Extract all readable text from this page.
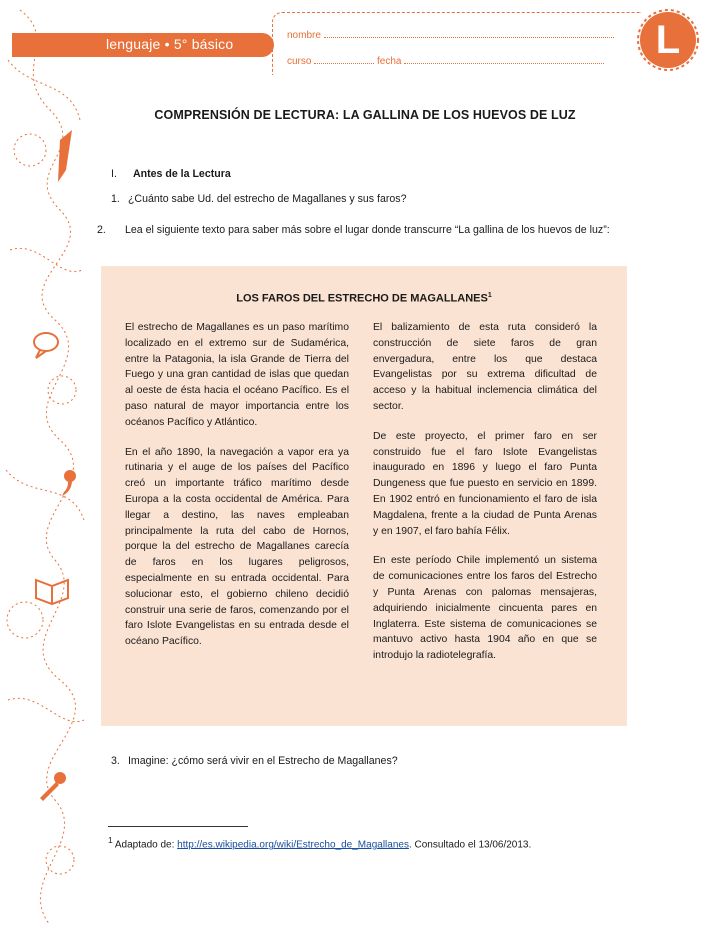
lenguaje • 5° básico
nombre
curso	fecha	L
COMPRENSIÓN DE LECTURA: LA GALLINA DE LOS HUEVOS DE LUZ
I. Antes de la Lectura
1. ¿Cuánto sabe Ud. del estrecho de Magallanes y sus faros?
2. Lea el siguiente texto para saber más sobre el lugar donde transcurre “La gallina de los huevos de luz”:
LOS FAROS DEL ESTRECHO DE MAGALLANES$^1$

El estrecho de Magallanes es un paso marítimo localizado en el extremo sur de Sudamérica, entre la Patagonia, la isla Grande de Tierra del Fuego y una gran cantidad de islas que quedan al oeste de ésta hacia el océano Pacífico. Es el paso natural de mayor importancia entre los océanos Pacífico y Atlántico.

En el año 1890, la navegación a vapor era ya rutinaria y el auge de los países del Pacífico creó un importante tráfico marítimo desde Europa a la costa occidental de América. Para llegar a destino, las naves empleaban principalmente la ruta del cabo de Hornos, porque la del estrecho de Magallanes carecía de faros en los lugares peligrosos, especialmente en su entrada occidental. Para solucionar esto, el gobierno chileno decidió construir una serie de faros, comenzando por el faro Islote Evangelistas en su entrada desde el océano Pacífico.

El balizamiento de esta ruta consideró la construcción de siete faros de gran envergadura, entre los que destaca Evangelistas por su extrema dificultad de acceso y la habitual inclemencia climática del sector.

De este proyecto, el primer faro en ser construido fue el faro Islote Evangelistas inaugurado en 1896 y luego el faro Punta Dungeness que fue puesto en servicio en 1899. En 1902 entró en funcionamiento el faro de isla Magdalena, frente a la ciudad de Punta Arenas y en 1907, el faro bahía Félix.

En este período Chile implementó un sistema de comunicaciones entre los faros del Estrecho y Punta Arenas con palomas mensajeras, adquiriendo inicialmente cincuenta pares en Inglaterra. Este sistema de comunicaciones se mantuvo activo hasta 1904 año en que se introdujo la radiotelegrafía.

3. Imagine: ¿cómo será vivir en el Estrecho de Magallanes?
$^1$ Adaptado de: http://es.wikipedia.org/wiki/Estrecho_de_Magallanes. Consultado el 13/06/2013.
